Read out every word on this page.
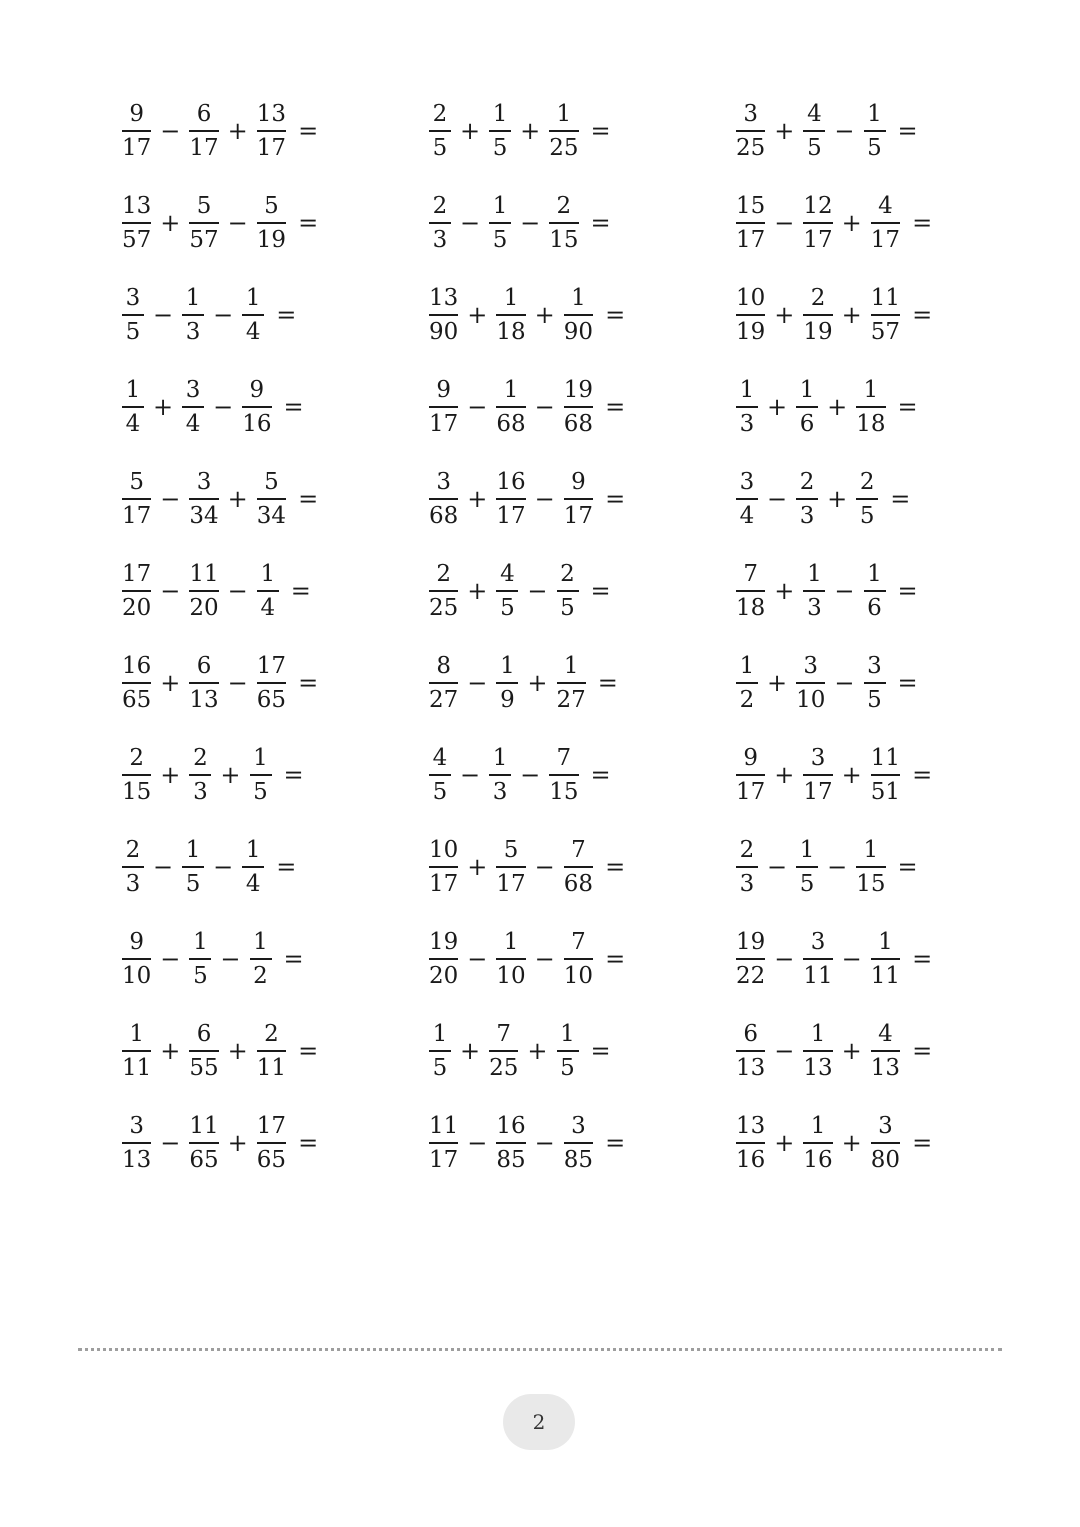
$\frac{9}{17} - \frac{6}{17} + \frac{13}{17}$ =	$\frac{2}{5} + \frac{1}{5} + \frac{1}{25}$ =	$\frac{3}{25} + \frac{4}{5} - \frac{1}{5}$ =
$\frac{13}{57} + \frac{5}{57} - \frac{5}{19}$ =	$\frac{2}{3} - \frac{1}{5} - \frac{2}{15}$ =	$\frac{15}{17} - \frac{12}{17} + \frac{4}{17}$ =
$\frac{3}{5} - \frac{1}{3} - \frac{1}{4}$ =	$\frac{13}{90} + \frac{1}{18} + \frac{1}{90}$ =	$\frac{10}{19} + \frac{2}{19} + \frac{11}{57}$ =
$\frac{1}{4} + \frac{3}{4} - \frac{9}{16}$ =	$\frac{9}{17} - \frac{1}{68} - \frac{19}{68}$ =	$\frac{1}{3} + \frac{1}{6} + \frac{1}{18}$ =
$\frac{5}{17} - \frac{3}{34} + \frac{5}{34}$ =	$\frac{3}{68} + \frac{16}{17} - \frac{9}{17}$ =	$\frac{3}{4} - \frac{2}{3} + \frac{2}{5}$ =
$\frac{17}{20} - \frac{11}{20} - \frac{1}{4}$ =	$\frac{2}{25} + \frac{4}{5} - \frac{2}{5}$ =	$\frac{7}{18} + \frac{1}{3} - \frac{1}{6}$ =
$\frac{16}{65} + \frac{6}{13} - \frac{17}{65}$ =	$\frac{8}{27} - \frac{1}{9} + \frac{1}{27}$ =	$\frac{1}{2} + \frac{3}{10} - \frac{3}{5}$ =
$\frac{2}{15} + \frac{2}{3} + \frac{1}{5}$ =	$\frac{4}{5} - \frac{1}{3} - \frac{7}{15}$ =	$\frac{9}{17} + \frac{3}{17} + \frac{11}{51}$ =
$\frac{2}{3} - \frac{1}{5} - \frac{1}{4}$ =	$\frac{10}{17} + \frac{5}{17} - \frac{7}{68}$ =	$\frac{2}{3} - \frac{1}{5} - \frac{1}{15}$ =
$\frac{9}{10} - \frac{1}{5} - \frac{1}{2}$ =	$\frac{19}{20} - \frac{1}{10} - \frac{7}{10}$ =	$\frac{19}{22} - \frac{3}{11} - \frac{1}{11}$ =
$\frac{1}{11} + \frac{6}{55} + \frac{2}{11}$ =	$\frac{1}{5} + \frac{7}{25} + \frac{1}{5}$ =	$\frac{6}{13} - \frac{1}{13} + \frac{4}{13}$ =
$\frac{3}{13} - \frac{11}{65} + \frac{17}{65}$ =	$\frac{11}{17} - \frac{16}{85} - \frac{3}{85}$ =	$\frac{13}{16} + \frac{1}{16} + \frac{3}{80}$ =
2
